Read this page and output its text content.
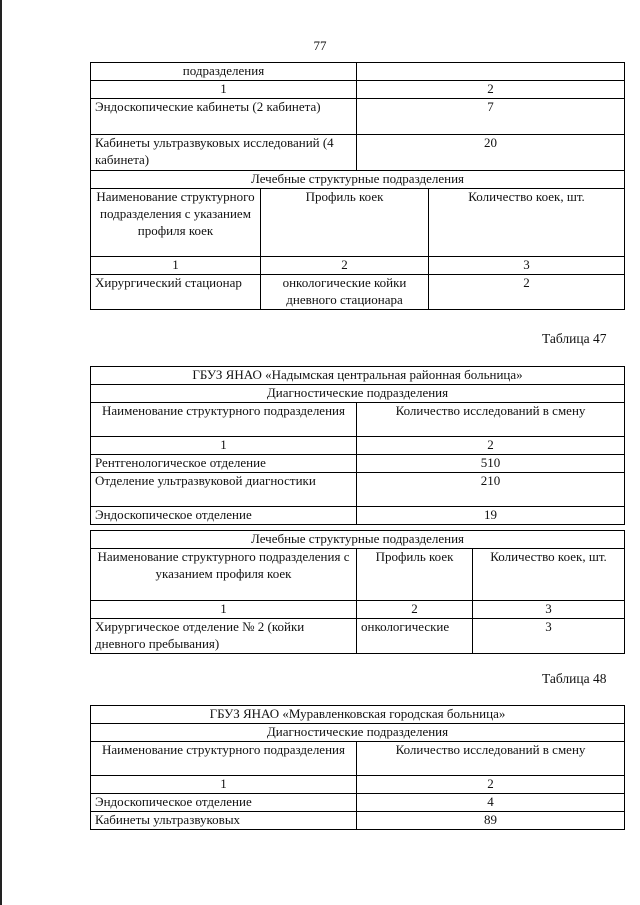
77
подразделения	
1	2
Эндоскопические кабинеты (2 кабинета)	7
Кабинеты ультразвуковых исследований (4 кабинета)	20
Лечебные структурные подразделения		
Наименование структурного подразделения с указанием профиля коек	Профиль коек	Количество коек, шт.
1	2	3
Хирургический стационар	онкологические койки дневного стационара	2
Таблица 47
ГБУЗ ЯНАО «Надымская центральная районная больница»	
Диагностические подразделения	
Наименование структурного подразделения	Количество исследований в смену
1	2
Рентгенологическое отделение	510
Отделение ультразвуковой диагностики	210
Эндоскопическое отделение	19
Лечебные структурные подразделения		
Наименование структурного подразделения с указанием профиля коек	Профиль коек	Количество коек, шт.
1	2	3
Хирургическое отделение № 2 (койки дневного пребывания)	онкологические	3
Таблица 48
ГБУЗ ЯНАО «Муравленковская городская больница»	
Диагностические подразделения	
Наименование структурного подразделения	Количество исследований в смену
1	2
Эндоскопическое отделение	4
Кабинеты ультразвуковых	89
